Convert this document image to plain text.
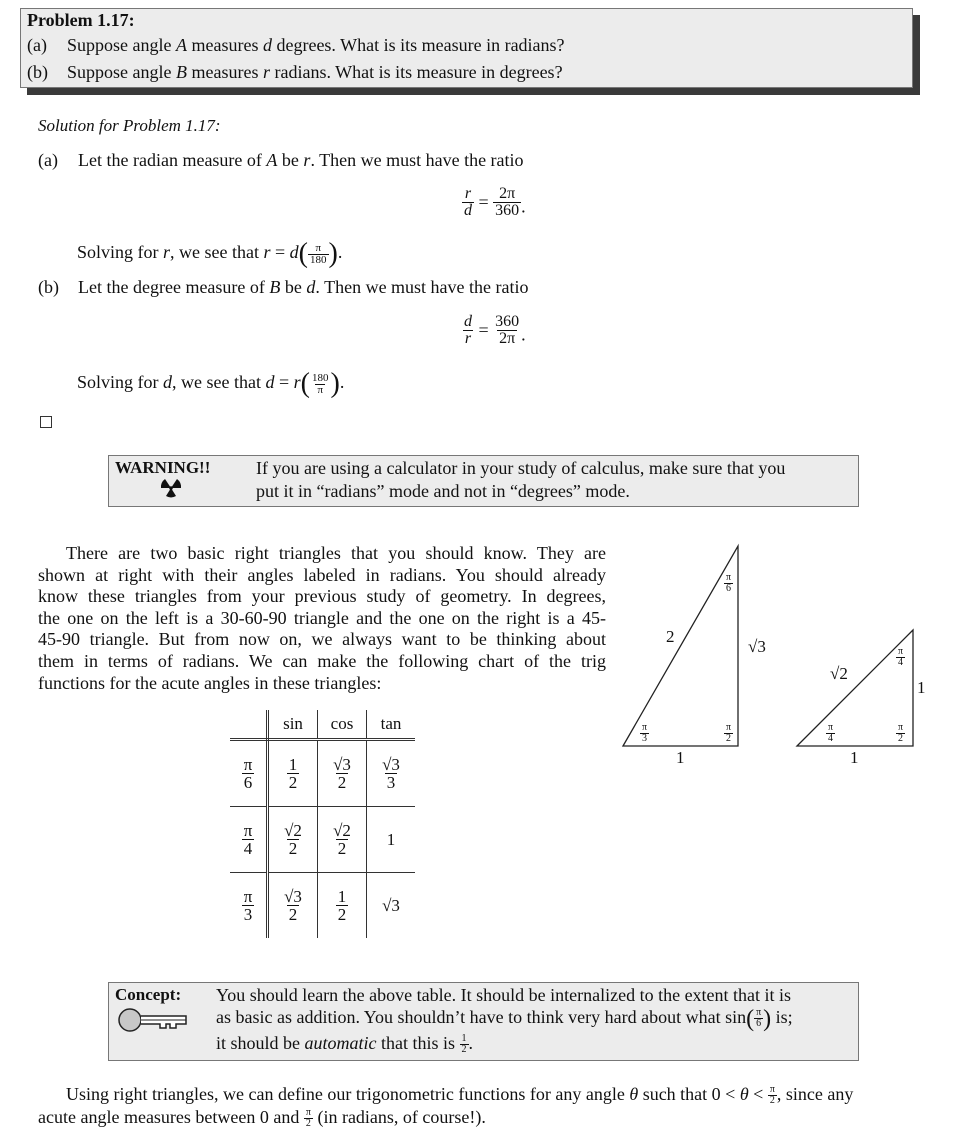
Problem 1.17:
(a) Suppose angle A measures d degrees. What is its measure in radians?
(b) Suppose angle B measures r radians. What is its measure in degrees?
Solution for Problem 1.17:
(a) Let the radian measure of A be r. Then we must have the ratio
$\frac{r}{d} = \frac{2\pi}{360}$ .
Solving for r, we see that $r = d( \frac{\pi}{180}$ ).
(b) Let the degree measure of B be d. Then we must have the ratio
$\frac{d}{r} = \frac{360}{2\pi}$ .
Solving for d, we see that $d = r( \frac{180}{\pi}$ ).
WARNING!!	If you are using a calculator in your study of calculus, make sure that you
put it in “radians” mode and not in “degrees” mode.
There are two basic right triangles that you should know. They are
shown at right with their angles labeled in radians. You should already
know these triangles from your previous study of geometry. In degrees,
the one on the left is a 30-60-90 triangle and the one on the right is a 45-
45-90 triangle. But from now on, we always want to be thinking about
them in terms of radians. We can make the following chart of the trig
functions for the acute angles in these triangles:
2
√3
1
$\frac{\pi}{6}$
$\frac{\pi}{3}$	$\frac{\pi}{2}$
√2
1
1
$\frac{\pi}{4}$
$\frac{\pi}{4}$	$\frac{\pi}{2}$
	sin	cos	tan

$\frac{\pi}{6}$	$\frac{1}{2}$	$\frac{√3}{2}$	$\frac{√3}{3}$

$\frac{\pi}{4}$	$\frac{√2}{2}$	$\frac{√2}{2}$	1

$\frac{\pi}{3}$	$\frac{√3}{2}$	$\frac{1}{2}$	√3
Concept: You should learn the above table. It should be internalized to the extent that it is
as basic as addition. You shouldn’t have to think very hard about what $\sin( \frac{\pi}{6}$ ) is;
it should be automatic that this is $\frac{1}{2}$ .
Using right triangles, we can define our trigonometric functions for any angle θ such that $0 < \theta < \frac{\pi}{2}$ , since any
acute angle measures between 0 and $\frac{\pi}{2} (in$ radians, of course!).
